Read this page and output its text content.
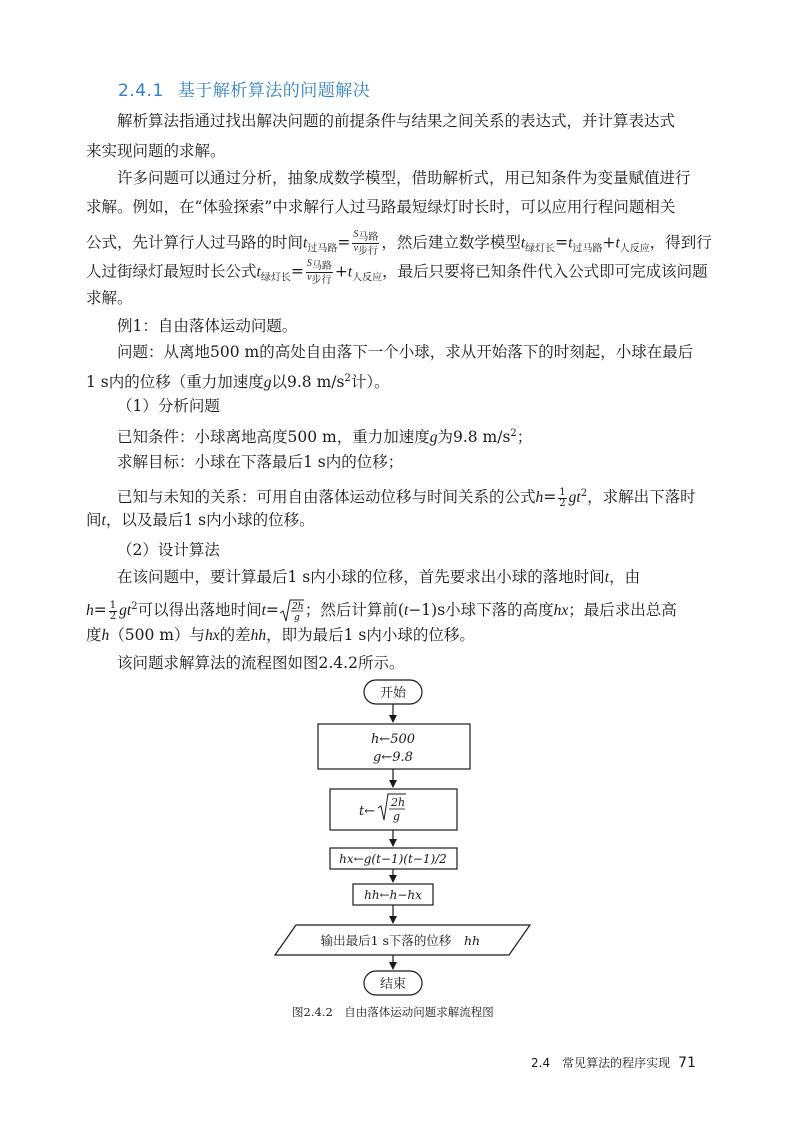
2.4.1 基于解析算法的问题解决
解析算法指通过找出解决问题的前提条件与结果之间关系的表达式，并计算表达式
来实现问题的求解。
许多问题可以通过分析，抽象成数学模型，借助解析式，用已知条件为变量赋值进行
求解。例如，在“体验探索”中求解行人过马路最短绿灯时长时，可以应用行程问题相关
公式，先计算行人过马路的时间$t_{过马路}= \frac{S_{马路}}{v_{步行}}$ ，然后建立数学模型$t_{绿灯长}=t_{过马路}+t_{人反应}$，得到行
人过街绿灯最短时长公式$t_{绿灯长}= \frac{S_{马路}}{v_{步行}} +t_{人反应}$，最后只要将已知条件代入公式即可完成该问题
求解。
例1：自由落体运动问题。
问题：从离地500 m的高处自由落下一个小球，求从开始落下的时刻起，小球在最后
1 s内的位移（重力加速度g以9.8 $m/s^2$计）。
（1）分析问题
已知条件：小球离地高度500 m，重力加速度g为9.8 $m/s^2$；
求解目标：小球在下落最后1 s内的位移；
已知与未知的关系：可用自由落体运动位移与时间关系的公式$h= \frac{1}{2} gt^2$，求解出下落时
间t，以及最后1 s内小球的位移。
（2）设计算法
在该问题中，要计算最后1 s内小球的位移，首先要求出小球的落地时间t，由
$h= \frac{1}{2} gt^2$可以得出落地时间t= 2h
g ；然后计算前(t−1)s小球下落的高度hx；最后求出总高
度h（500 m）与hx的差hh，即为最后1 s内小球的位移。
该问题求解算法的流程图如图2.4.2所示。
开始
h←500
g←9.8
t←
2h
g
hx←g(t−1)(t−1)/2
hh←h−hx
输出最后1 s下落的位移 hh
结束
图2.4.2　自由落体运动问题求解流程图
2.4　常见算法的程序实现 71
